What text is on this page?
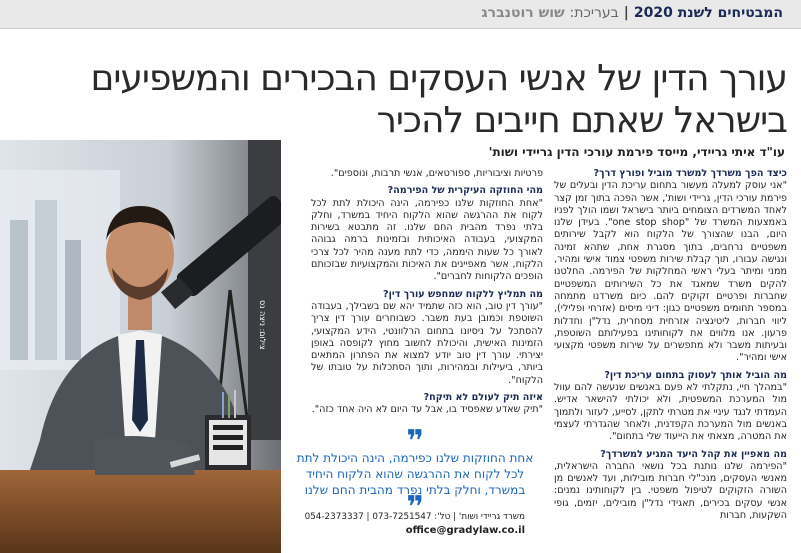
המבטיחים לשנת 2020|בעריכת: שוש רוטנברג
עורך הדין של אנשי העסקים הבכירים והמשפיעים
בישראל שאתם חייבים להכיר
עו"ד איתי גריידי, מייסד פירמת עורכי הדין גריידי ושות'
כיצד הפך משרדך למשרד מוביל ופורץ דרך?

"אני עוסק למעלה מעשור בתחום עריכת הדין ובעלים של פירמת עורכי הדין, גריידי ושות', אשר הפכה בתוך זמן קצר לאחד המשרדים הצומחים ביותר בישראל ושמו הולך לפניו באמצעות המשרד של "one stop shop". בעידן שלנו היום, הבנו שהצורך של הלקוח הוא לקבל שירותים משפטיים נרחבים, בתוך מסגרת אחת, שתהא זמינה ונגישה עבורו, תוך קבלת שירות משפטי צמוד אישי ומהיר, ממני ומיתר בעלי ראשי המחלקות של הפירמה. החלטנו להקים משרד שמאגד את כל השירותים המשפטיים שחברות ופרטיים זקוקים להם. כיום משרדנו מתמחה במספר תחומים משפטיים כגון: דיני מיסים (אזרחי ופלילי), ליווי חברות, ליטיגציה אזרחית מסחרית, נדל"ן וחדלות פרעון. אנו מלווים את לקוחותינו בפעילותם השוטפת, ובעיתות משבר ולא מתפשרים על שירות משפטי מקצועי אישי ומהיר".

מה הוביל אותך לעסוק בתחום עריכת דין?

"במהלך חיי, נתקלתי לא פעם באנשים שנעשה להם עוול מול המערכת המשפטית, ולא יכולתי להישאר אדיש. העמדתי לנגד עיניי את מטרתי לתקן, לסייע, לעזור ולתמוך באנשים מול המערכת הקפדנית, ולאחר שהגדרתי לעצמי את המטרה, מצאתי את הייעוד שלי בתחום".

מה מאפיין את קהל היעד המגיע למשרדך?

"הפירמה שלנו נותנת בכל נושאי החברה הישראלית, מאנשי העסקים, מנכ"לי חברות מובילות, ועד לאנשים מן השורה הזקוקים לטיפול משפטי. בין לקוחותינו נמנים: אנשי עסקים בכירים, תאגידי נדל"ן מובילים, יזמים, גופי השקעות, חברות

פרטיות וציבוריות, ספורטאים, אנשי תרבות, ונוספים".

מהי החוזקה העיקרית של הפירמה?

"אחת החוזקות שלנו כפירמה, הינה היכולת לתת לכל לקוח את ההרגשה שהוא הלקוח היחיד במשרד, וחלק בלתי נפרד מהבית החם שלנו. זה מתבטא בשירות המקצועי, בעבודה האיכותית ובזמינות ברמה גבוהה לאורך כל שעות היממה, כדי לתת מענה מהיר לכל צרכי הלקוח, אשר מאפיינים את האיכות והמקצועיות שבזכותם הופכים הלקוחות לחברים".

מה תמליץ ללקוח שמחפש עורך דין?

"עורך דין טוב, הוא כזה שתמיד יהא שם בשבילך, בעבודה השוטפת וכמובן בעת משבר. כשבוחרים עורך דין צריך להסתכל על ניסיונו בתחום הרלוונטי, הידע המקצועי, הזמינות האישית, והיכולת לחשוב מחוץ לקופסה באופן יצירתי. עורך דין טוב יודע למצוא את הפתרון המתאים ביותר, ביעילות ובמהירות, ותוך הסתכלות על טובתו של הלקוח".

איזה תיק לעולם לא תיקח?

"תיק שאדע שאפסיד בו, אבל עד היום לא היה אחד כזה".

❞
אחת החוזקות שלנו כפירמה, הינה היכולת לתת לכל לקוח את ההרגשה שהוא הלקוח היחיד במשרד, וחלק בלתי נפרד מהבית החם שלנו
❞
משרד גריידי ושות' | טל': 073-7251547 | 054-2373337
office@gradylaw.co.il
צילום: ניצה נס
